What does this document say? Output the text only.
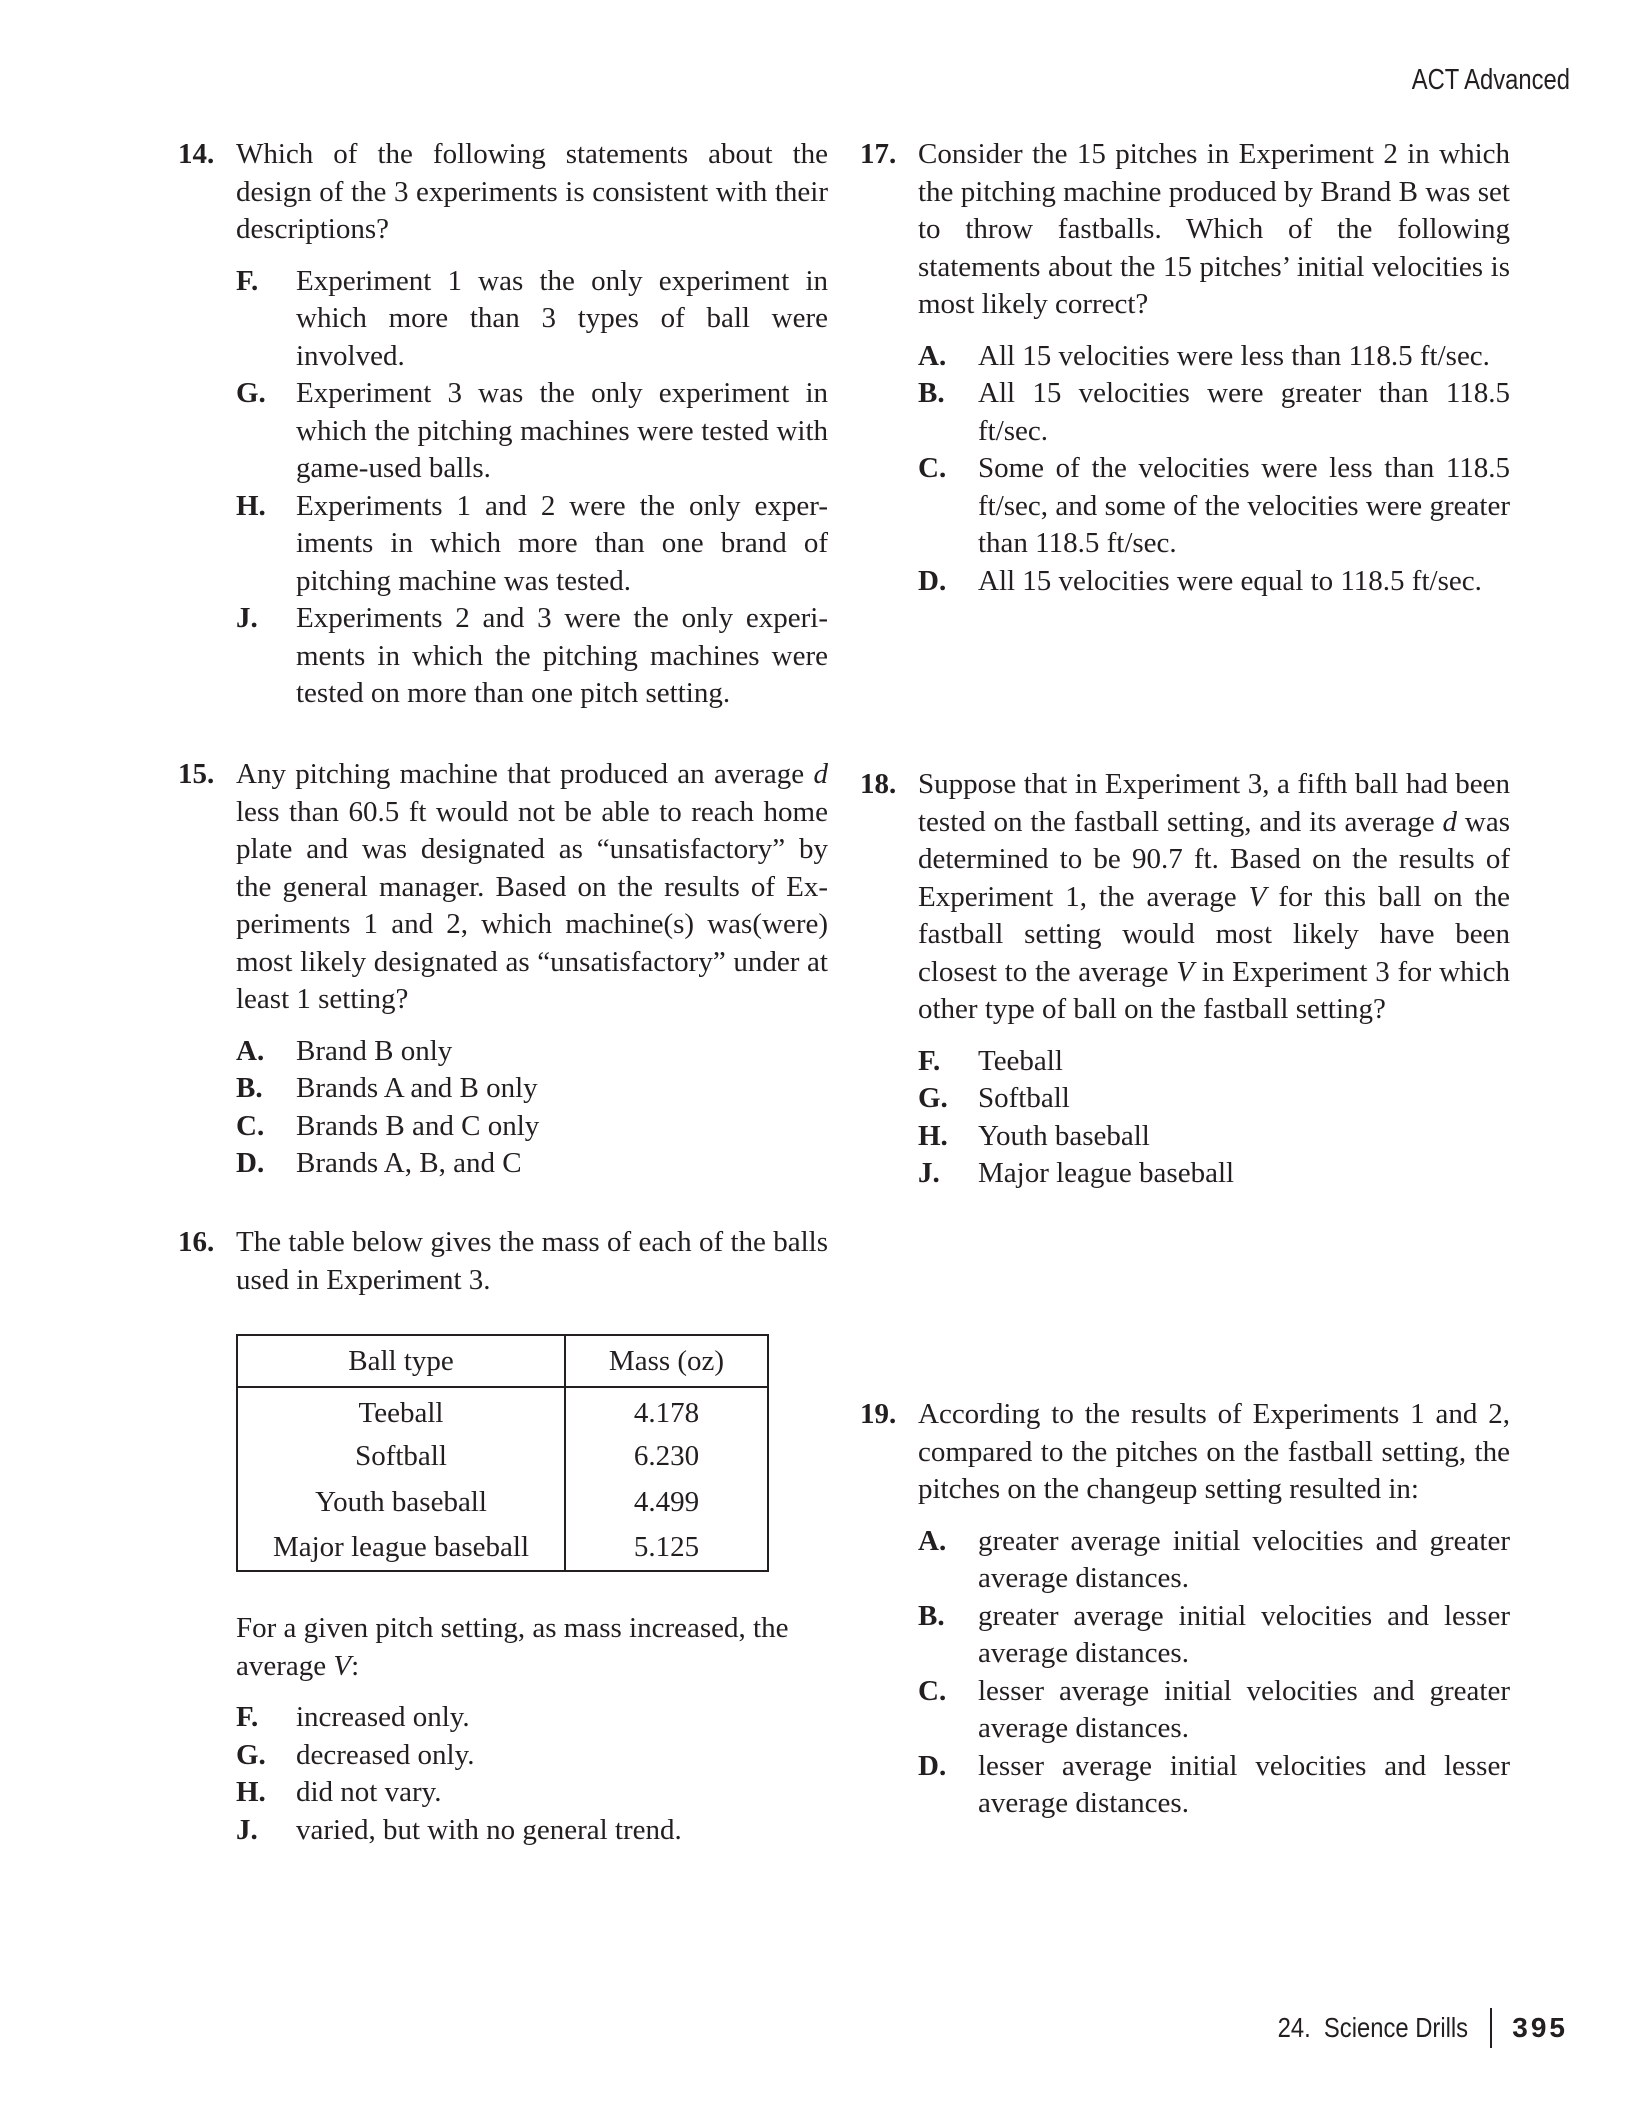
ACT Advanced
14. Which of the following statements about the design of the 3 experiments is consistent with their descriptions?
F. Experiment 1 was the only experiment in which more than 3 types of ball were involved.
G. Experiment 3 was the only experiment in which the pitching machines were tested with game-used balls.
H. Experiments 1 and 2 were the only exper-iments in which more than one brand of pitching machine was tested.
J. Experiments 2 and 3 were the only experi-ments in which the pitching machines were tested on more than one pitch setting.
15. Any pitching machine that produced an average d less than 60.5 ft would not be able to reach home plate and was designated as “unsatisfactory” by the general manager. Based on the results of Ex-periments 1 and 2, which machine(s) was(were) most likely designated as “unsatisfactory” under at least 1 setting?
A. Brand B only
B. Brands A and B only
C. Brands B and C only
D. Brands A, B, and C
16. The table below gives the mass of each of the balls used in Experiment 3.
Ball type	Mass (oz)
Teeball	4.178
Softball	6.230
Youth baseball	4.499
Major league baseball	5.125
For a given pitch setting, as mass increased, the average V:
F. increased only.
G. decreased only.
H. did not vary.
J. varied, but with no general trend.
17. Consider the 15 pitches in Experiment 2 in which the pitching machine produced by Brand B was set to throw fastballs. Which of the following statements about the 15 pitches’ initial velocities is most likely correct?
A. All 15 velocities were less than 118.5 ft/sec.
B. All 15 velocities were greater than 118.5 ft/sec.
C. Some of the velocities were less than 118.5 ft/sec, and some of the velocities were greater than 118.5 ft/sec.
D. All 15 velocities were equal to 118.5 ft/sec.
18. Suppose that in Experiment 3, a fifth ball had been tested on the fastball setting, and its average d was determined to be 90.7 ft. Based on the results of Experiment 1, the average V for this ball on the fastball setting would most likely have been closest to the average V in Experiment 3 for which other type of ball on the fastball setting?
F. Teeball
G. Softball
H. Youth baseball
J. Major league baseball
19. According to the results of Experiments 1 and 2, compared to the pitches on the fastball setting, the pitches on the changeup setting resulted in:
A. greater average initial velocities and greater average distances.
B. greater average initial velocities and lesser average distances.
C. lesser average initial velocities and greater average distances.
D. lesser average initial velocities and lesser average distances.
24.  Science Drills 395
